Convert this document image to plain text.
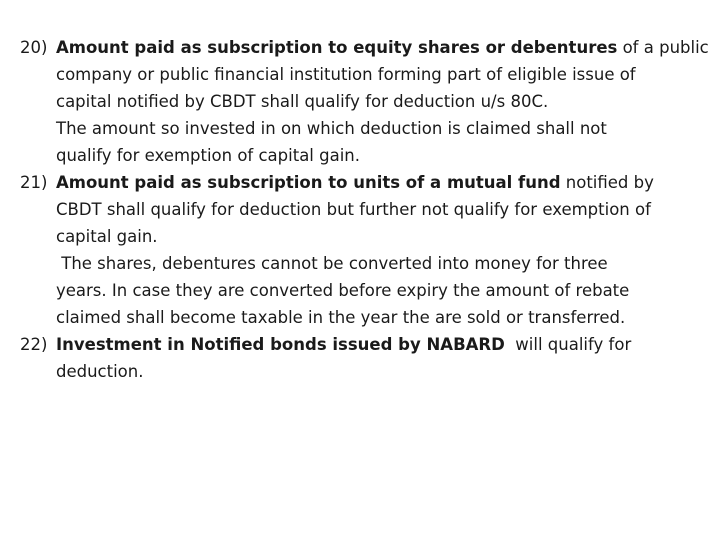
20) Amount paid as subscription to equity shares or debentures of a public
company or public financial institution forming part of eligible issue of
capital notified by CBDT shall qualify for deduction u/s 80C.
The amount so invested in on which deduction is claimed shall not
qualify for exemption of capital gain.
21) Amount paid as subscription to units of a mutual fund notified by
CBDT shall qualify for deduction but further not qualify for exemption of
capital gain.
The shares, debentures cannot be converted into money for three
years. In case they are converted before expiry the amount of rebate
claimed shall become taxable in the year the are sold or transferred.
22) Investment in Notified bonds issued by NABARD  will qualify for
deduction.
